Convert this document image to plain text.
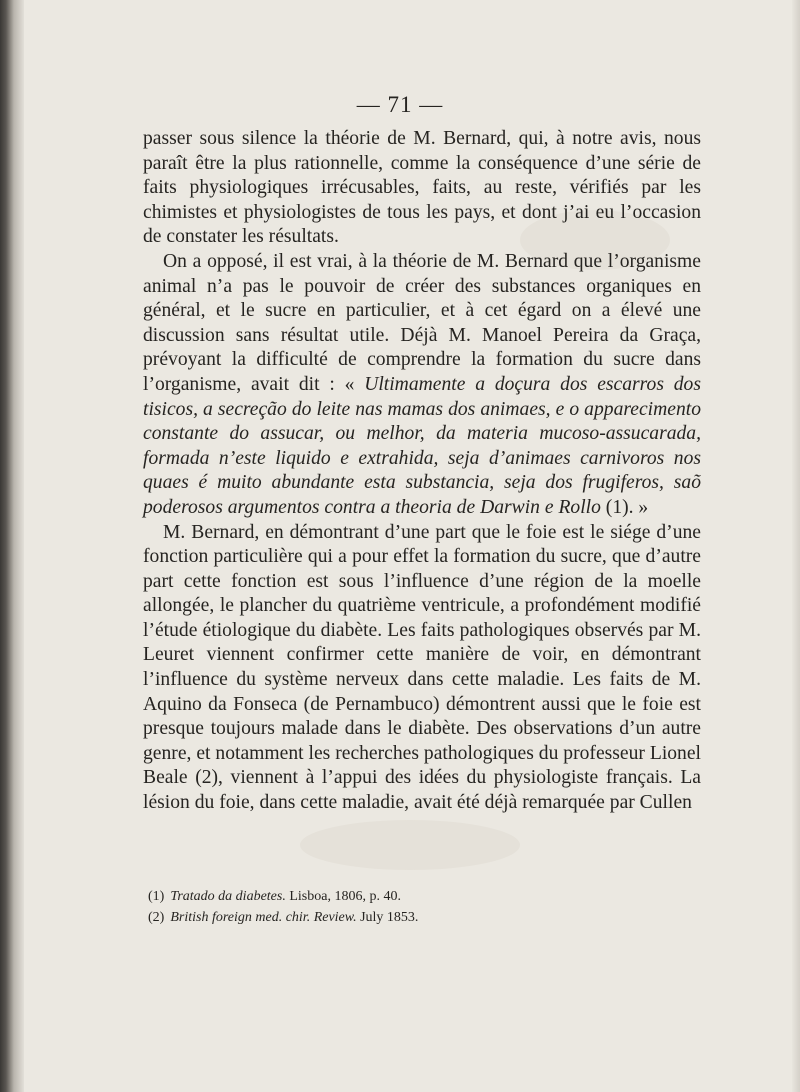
— 71 —

passer sous silence la théorie de M. Bernard, qui, à notre avis, nous paraît être la plus rationnelle, comme la conséquence d’une série de faits physiologiques irrécusables, faits, au reste, vérifiés par les chimistes et physiologistes de tous les pays, et dont j’ai eu l’occasion de constater les résultats.

On a opposé, il est vrai, à la théorie de M. Bernard que l’organisme animal n’a pas le pouvoir de créer des substances organiques en général, et le sucre en particulier, et à cet égard on a élevé une discussion sans résultat utile. Déjà M. Manoel Pereira da Graça, prévoyant la difficulté de comprendre la formation du sucre dans l’organisme, avait dit : « Ultimamente a doçura dos escarros dos tisicos, a secreção do leite nas mamas dos animaes, e o apparecimento constante do assucar, ou melhor, da materia mucoso-assucarada, formada n’este liquido e extrahida, seja d’animaes carnivoros nos quaes é muito abundante esta substancia, seja dos frugiferos, saõ poderosos argumentos contra a theoria de Darwin e Rollo (1). »

M. Bernard, en démontrant d’une part que le foie est le siége d’une fonction particulière qui a pour effet la formation du sucre, que d’autre part cette fonction est sous l’influence d’une région de la moelle allongée, le plancher du quatrième ventricule, a profondément modifié l’étude étiologique du diabète. Les faits pathologiques observés par M. Leuret viennent confirmer cette manière de voir, en démontrant l’influence du système nerveux dans cette maladie. Les faits de M. Aquino da Fonseca (de Pernambuco) démontrent aussi que le foie est presque toujours malade dans le diabète. Des observations d’un autre genre, et notamment les recherches pathologiques du professeur Lionel Beale (2), viennent à l’appui des idées du physiologiste français. La lésion du foie, dans cette maladie, avait été déjà remarquée par Cullen

(1) Tratado da diabetes. Lisboa, 1806, p. 40.

(2) British foreign med. chir. Review. July 1853.
